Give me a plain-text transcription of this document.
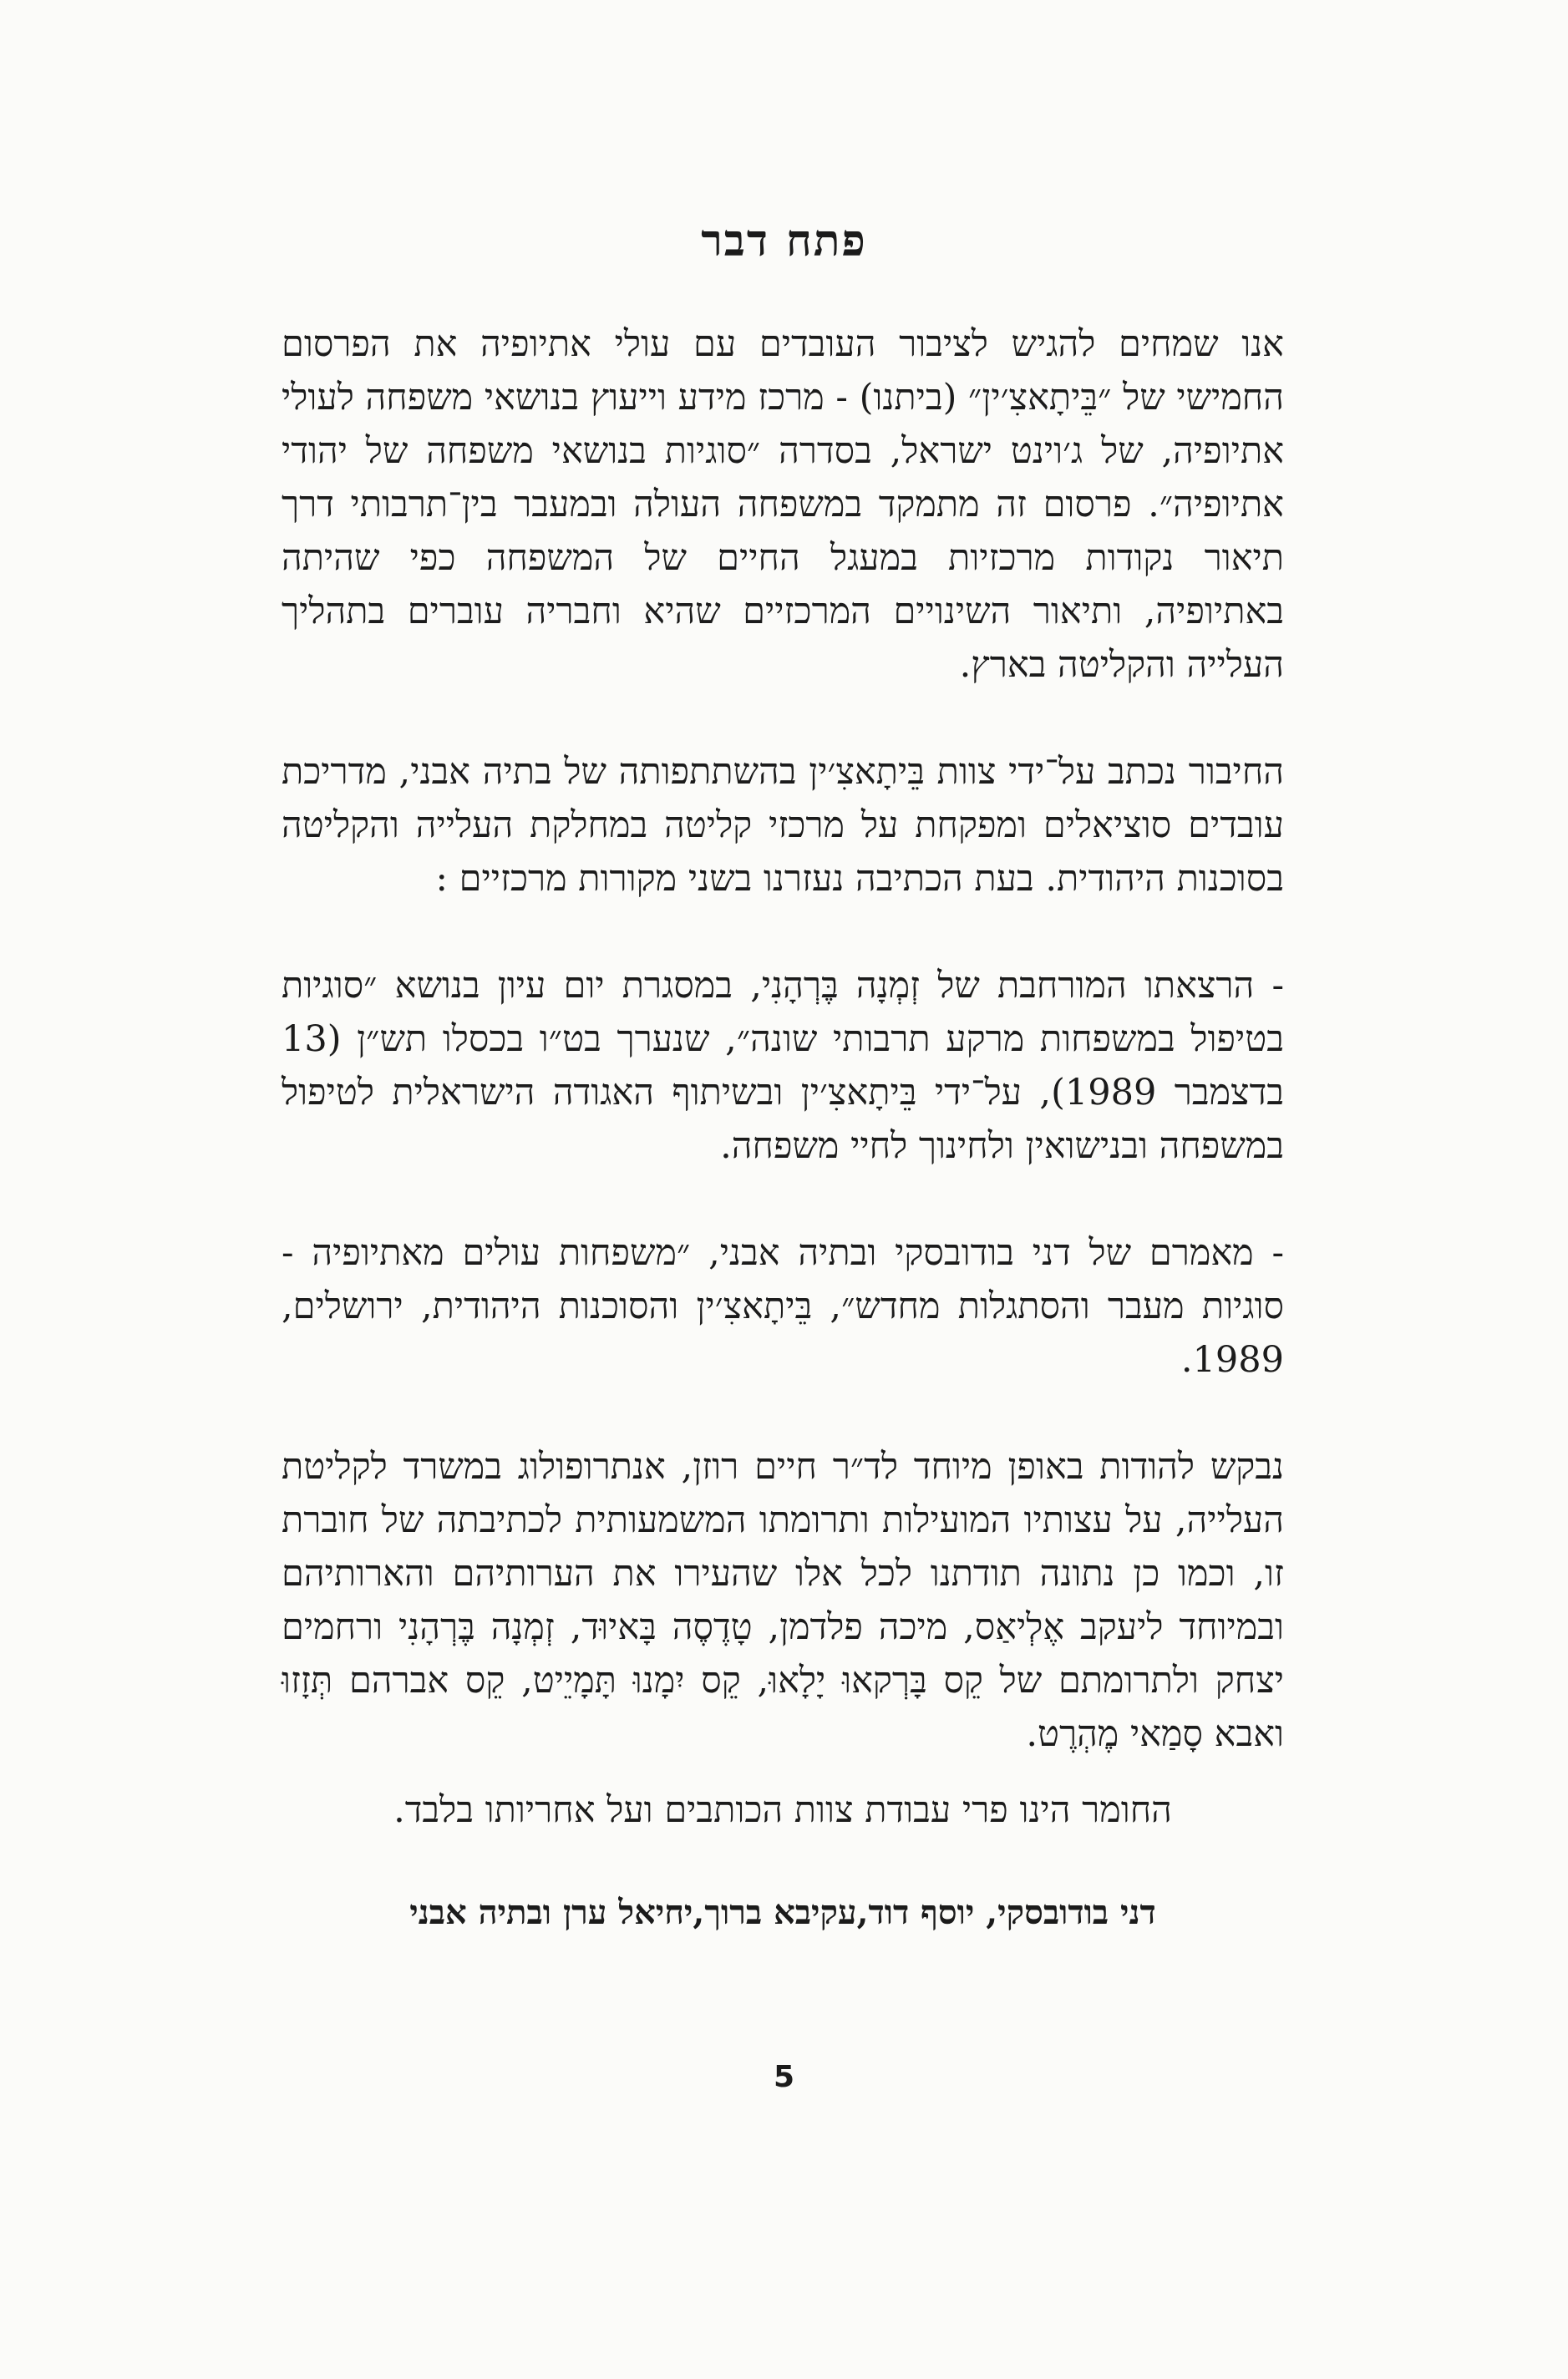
פתח דבר
אנו שמחים להגיש לציבור העובדים עם עולי אתיופיה את הפרסום
החמישי של ״בֵּיתָאצִ׳ין״ (ביתנו) - מרכז מידע וייעוץ בנושאי משפחה לעולי
אתיופיה, של ג׳וינט ישראל, בסדרה ״סוגיות בנושאי משפחה של יהודי
אתיופיה״. פרסום זה מתמקד במשפחה העולה ובמעבר בין־תרבותי דרך
תיאור נקודות מרכזיות במעגל החיים של המשפחה כפי שהיתה
באתיופיה, ותיאור השינויים המרכזיים שהיא וחבריה עוברים בתהליך
העלייה והקליטה בארץ.
החיבור נכתב על־ידי צוות בֵּיתָאצִ׳ין בהשתתפותה של בתיה אבני, מדריכת
עובדים סוציאלים ומפקחת על מרכזי קליטה במחלקת העלייה והקליטה
בסוכנות היהודית. בעת הכתיבה נעזרנו בשני מקורות מרכזיים :
- הרצאתו המורחבת של זְמְנָה בֶּרְהָנִי, במסגרת יום עיון בנושא ״סוגיות
בטיפול במשפחות מרקע תרבותי שונה״, שנערך בט״ו בכסלו תש״ן (13
בדצמבר 1989), על־ידי בֵּיתָאצִ׳ין ובשיתוף האגודה הישראלית לטיפול
במשפחה ובנישואין ולחינוך לחיי משפחה.
- מאמרם של דני בודובסקי ובתיה אבני, ״משפחות עולים מאתיופיה -
סוגיות מעבר והסתגלות מחדש״, בֵּיתָאצִ׳ין והסוכנות היהודית, ירושלים,
1989.
נבקש להודות באופן מיוחד לד״ר חיים רוזן, אנתרופולוג במשרד לקליטת
העלייה, על עצותיו המועילות ותרומתו המשמעותית לכתיבתה של חוברת
זו, וכמו כן נתונה תודתנו לכל אלו שהעירו את הערותיהם והארותיהם
ובמיוחד ליעקב אֶלְיאַס, מיכה פלדמן, טָדֶסֶה בָּאיוּד, זְמְנָה בֶּרְהָנִי ורחמים
יצחק ולתרומתם של קֵס בָּרְקאוּ יָלָאוּ, קֵס יִמָנוּ תָּמָיֵיט, קֵס אברהם תְּזָזוּ
ואבא סָמַאי מֶהְרֶט.
החומר הינו פרי עבודת צוות הכותבים ועל אחריותו בלבד.
דני בודובסקי, יוסף דוד,עקיבא ברוך,יחיאל ערן ובתיה אבני
5
